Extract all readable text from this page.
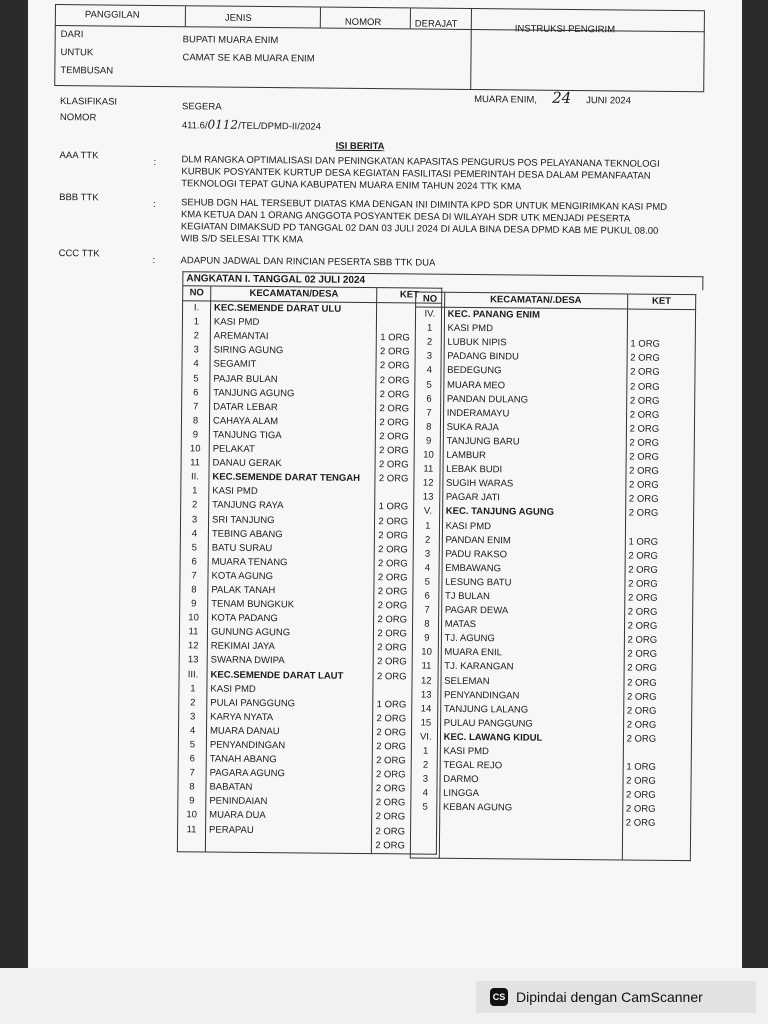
CS Dipindai dengan CamScanner
PANGGILAN	JENIS	NOMOR	DERAJAT	INSTRUKSI PENGIRIM
DARI	BUPATI MUARA ENIM
UNTUK	CAMAT SE KAB MUARA ENIM
TEMBUSAN
MUARA ENIM, 24 JUNI 2024
KLASIFIKASI	SEGERA
NOMOR
411.6/0112/TEL/DPMD-II/2024
ISI BERITA
AAA TTK
:	DLM RANGKA OPTIMALISASI DAN PENINGKATAN KAPASITAS PENGURUS POS PELAYANANA TEKNOLOGI
KURBUK POSYANTEK KURTUP DESA KEGIATAN FASILITASI PEMERINTAH DESA DALAM PEMANFAATAN
TEKNOLOGI TEPAT GUNA KABUPATEN MUARA ENIM TAHUN 2024 TTK KMA
BBB TTK
:	SEHUB DGN HAL TERSEBUT DIATAS KMA DENGAN INI DIMINTA KPD SDR UNTUK MENGIRIMKAN KASI PMD
KMA KETUA DAN 1 ORANG ANGGOTA POSYANTEK DESA DI WILAYAH SDR UTK MENJADI PESERTA
KEGIATAN DIMAKSUD PD TANGGAL 02 DAN 03 JULI 2024 DI AULA BINA DESA DPMD KAB ME PUKUL 08.00
WIB S/D SELESAI TTK KMA
CCC TTK
:	ADAPUN JADWAL DAN RINCIAN PESERTA SBB TTK DUA
ANGKATAN I. TANGGAL 02 JULI 2024
NO	KECAMATAN/DESA	KET
I.	KEC.SEMENDE DARAT ULU	
1	KASI PMD	
2	AREMANTAI	1 ORG
3	SIRING AGUNG	2 ORG
4	SEGAMIT	2 ORG
5	PAJAR BULAN	2 ORG
6	TANJUNG AGUNG	2 ORG
7	DATAR LEBAR	2 ORG
8	CAHAYA ALAM	2 ORG
9	TANJUNG TIGA	2 ORG
10	PELAKAT	2 ORG
11	DANAU GERAK	2 ORG
II.	KEC.SEMENDE DARAT TENGAH	2 ORG
1	KASI PMD	
2	TANJUNG RAYA	1 ORG
3	SRI TANJUNG	2 ORG
4	TEBING ABANG	2 ORG
5	BATU SURAU	2 ORG
6	MUARA TENANG	2 ORG
7	KOTA AGUNG	2 ORG
8	PALAK TANAH	2 ORG
9	TENAM BUNGKUK	2 ORG
10	KOTA PADANG	2 ORG
11	GUNUNG AGUNG	2 ORG
12	REKIMAI JAYA	2 ORG
13	SWARNA DWIPA	2 ORG
III.	KEC.SEMENDE DARAT LAUT	2 ORG
1	KASI PMD	
2	PULAI PANGGUNG	1 ORG
3	KARYA NYATA	2 ORG
4	MUARA DANAU	2 ORG
5	PENYANDINGAN	2 ORG
6	TANAH ABANG	2 ORG
7	PAGARA AGUNG	2 ORG
8	BABATAN	2 ORG
9	PENINDAIAN	2 ORG
10	MUARA DUA	2 ORG
11	PERAPAU	2 ORG
		2 ORG
NO	KECAMATAN/.DESA	KET
IV.	KEC. PANANG ENIM	
1	KASI PMD	
2	LUBUK NIPIS	1 ORG
3	PADANG BINDU	2 ORG
4	BEDEGUNG	2 ORG
5	MUARA MEO	2 ORG
6	PANDAN DULANG	2 ORG
7	INDERAMAYU	2 ORG
8	SUKA RAJA	2 ORG
9	TANJUNG BARU	2 ORG
10	LAMBUR	2 ORG
11	LEBAK BUDI	2 ORG
12	SUGIH WARAS	2 ORG
13	PAGAR JATI	2 ORG
V.	KEC. TANJUNG AGUNG	2 ORG
1	KASI PMD	
2	PANDAN ENIM	1 ORG
3	PADU RAKSO	2 ORG
4	EMBAWANG	2 ORG
5	LESUNG BATU	2 ORG
6	TJ BULAN	2 ORG
7	PAGAR DEWA	2 ORG
8	MATAS	2 ORG
9	TJ. AGUNG	2 ORG
10	MUARA ENIL	2 ORG
11	TJ. KARANGAN	2 ORG
12	SELEMAN	2 ORG
13	PENYANDINGAN	2 ORG
14	TANJUNG LALANG	2 ORG
15	PULAU PANGGUNG	2 ORG
VI.	KEC. LAWANG KIDUL	2 ORG
1	KASI PMD	
2	TEGAL REJO	1 ORG
3	DARMO	2 ORG
4	LINGGA	2 ORG
5	KEBAN AGUNG	2 ORG
		2 ORG
